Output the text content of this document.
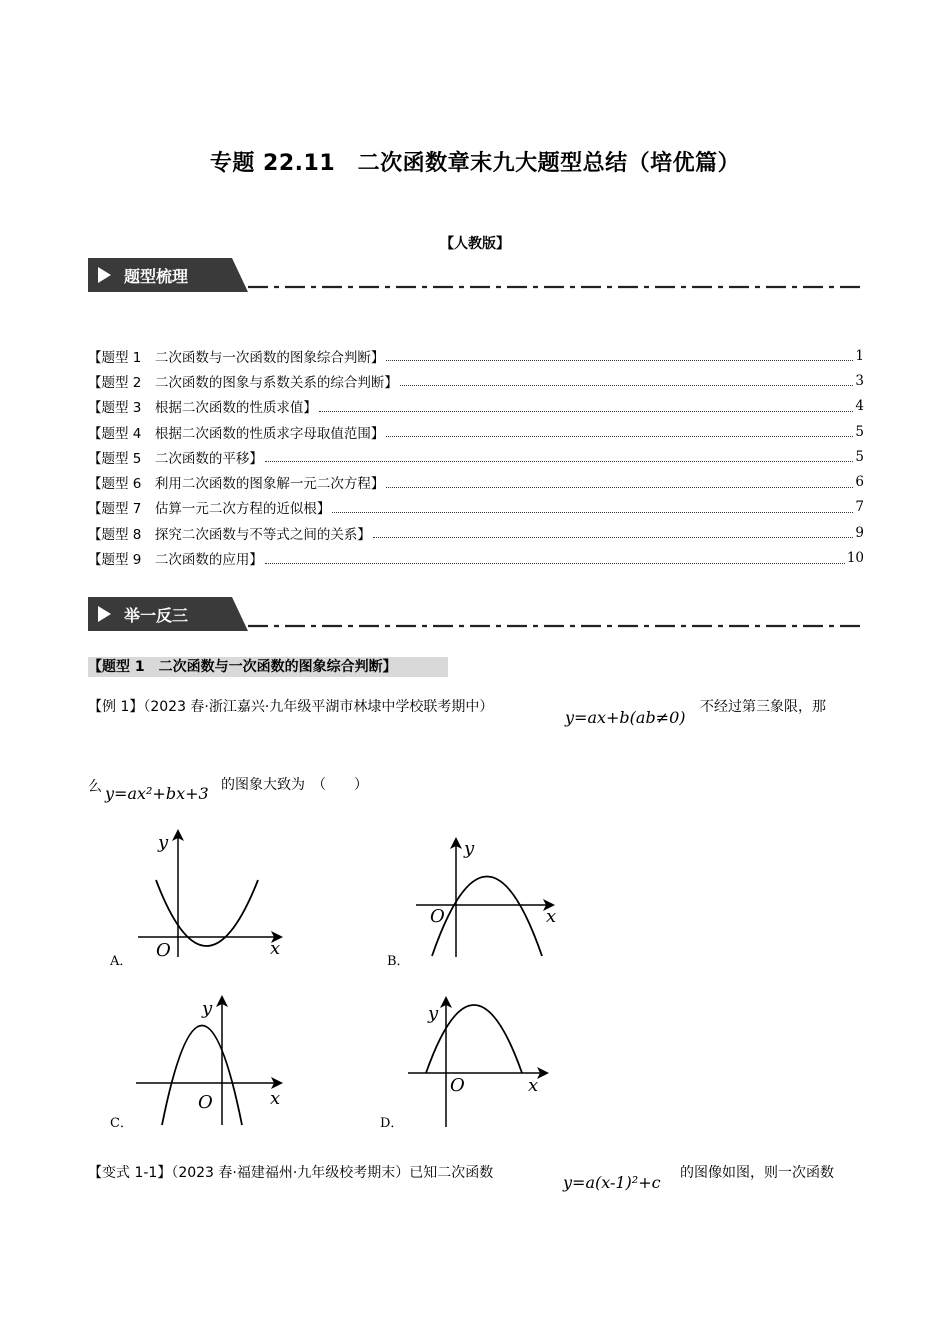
专题 22.11　二次函数章末九大题型总结（培优篇）
【人教版】
题型梳理
【题型 1　二次函数与一次函数的图象综合判断】	1
【题型 2　二次函数的图象与系数关系的综合判断】	3
【题型 3　根据二次函数的性质求值】	4
【题型 4　根据二次函数的性质求字母取值范围】	5
【题型 5　二次函数的平移】	5
【题型 6　利用二次函数的图象解一元二次方程】	6
【题型 7　估算一元二次方程的近似根】	7
【题型 8　探究二次函数与不等式之间的关系】	9
【题型 9　二次函数的应用】	10
举一反三
【题型 1　二次函数与一次函数的图象综合判断】
【例 1】（2023 春·浙江嘉兴·九年级平湖市林埭中学校联考期中）
y=ax+b(ab≠0)
不经过第三象限，那
么 y=ax²+bx+3 的图象大致为　（　　）
A．
y
x
O
B．
y
x
O
C．
y
x
O
D．
y
x
O
【变式 1-1】（2023 春·福建福州·九年级校考期末）已知二次函数	y=a(x-1)²+c 的图像如图，则一次函数
